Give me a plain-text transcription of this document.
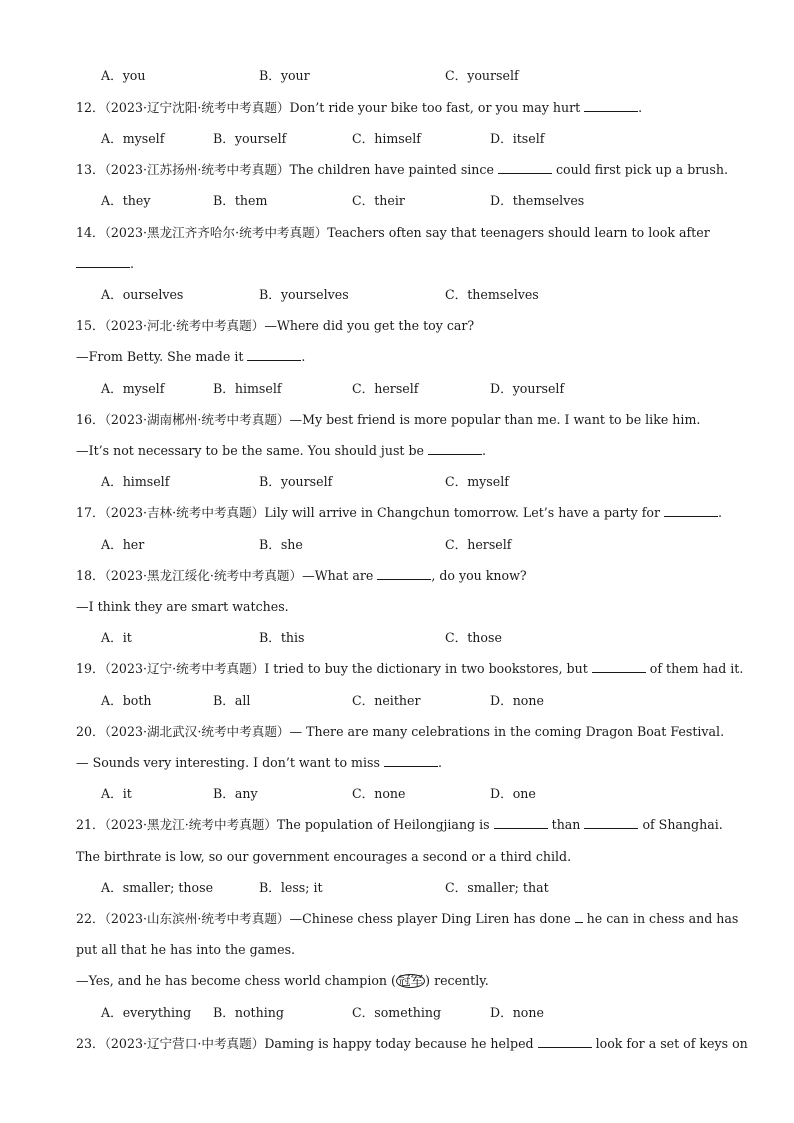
A．you	B．your	C．yourself
12．（2023·辽宁沈阳·统考中考真题）Don’t ride your bike too fast, or you may hurt	.
A．myself	B．yourself	C．himself	D．itself
13．（2023·江苏扬州·统考中考真题）The children have painted since	could first pick up a brush.
A．they	B．them	C．their	D．themselves
14．（2023·黑龙江齐齐哈尔·统考中考真题）Teachers often say that teenagers should learn to look after
.
A．ourselves	B．yourselves	C．themselves
15．（2023·河北·统考中考真题）—Where did you get the toy car?
—From Betty. She made it	.
A．myself	B．himself	C．herself	D．yourself
16．（2023·湖南郴州·统考中考真题）—My best friend is more popular than me. I want to be like him.
—It’s not necessary to be the same. You should just be	.
A．himself	B．yourself	C．myself
17．（2023·吉林·统考中考真题）Lily will arrive in Changchun tomorrow. Let’s have a party for	.
A．her	B．she	C．herself
18．（2023·黑龙江绥化·统考中考真题）—What are	, do you know?
—I think they are smart watches.
A．it	B．this	C．those
19．（2023·辽宁·统考中考真题）I tried to buy the dictionary in two bookstores, but	of them had it.
A．both	B．all	C．neither	D．none
20．（2023·湖北武汉·统考中考真题）— There are many celebrations in the coming Dragon Boat Festival.
— Sounds very interesting. I don’t want to miss	.
A．it	B．any	C．none	D．one
21．（2023·黑龙江·统考中考真题）The population of Heilongjiang is	than	of Shanghai.
The birthrate is low, so our government encourages a second or a third child.
A．smaller; those	B．less; it	C．smaller; that
22．（2023·山东滨州·统考中考真题）—Chinese chess player Ding Liren has done  he can in chess and has
put all that he has into the games.
—Yes, and he has become chess world champion ( 冠军 ) recently.
A．everything B．nothing	C．something	D．none
23．（2023·辽宁营口·中考真题）Daming is happy today because he helped	look for a set of keys on
